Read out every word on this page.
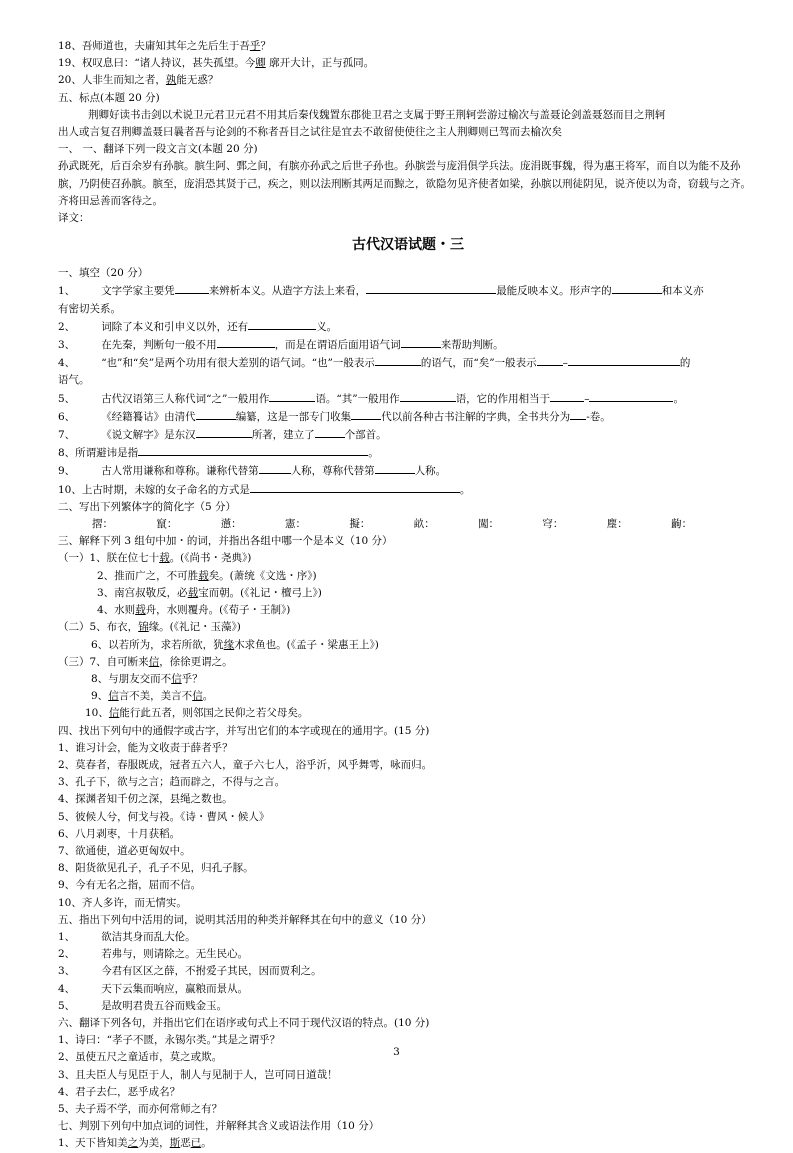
18、吾师道也，夫庸知其年之先后生于吾乎？
19、权叹息曰：“诸人持议，甚失孤望。今卿 廓开大计，正与孤同。
20、人非生而知之者，孰能无惑？
五、标点(本题 20 分)
荆卿好读书击剑以术说卫元君卫元君不用其后秦伐魏置东郡徙卫君之支属于野王荆轲尝游过榆次与盖聂论剑盖聂怒而目之荆轲
出人或言复召荆卿盖聂曰曩者吾与论剑的不称者吾目之试往是宜去不敢留使使往之主人荆卿则已驾而去榆次矣
一、 一、翻译下列一段文言文(本题 20 分)
孙武既死，后百余岁有孙膑。膑生阿、鄄之间，有膑亦孙武之后世子孙也。孙膑尝与庞涓俱学兵法。庞涓既事魏，得为惠王将军，而自以为能不及孙膑，乃阴使召孙膑。膑至，庞涓恐其贤于己，疾之，则以法刑断其两足而黥之，欲隐勿见齐使者如梁，孙膑以刑徒阴见，说齐使以为奇，窃载与之齐。齐将田忌善而客待之。
译文：
古代汉语试题・三
一、填空（20 分）
1、 文字学家主要凭	来辨析本义。从造字方法上来看，	最能反映本义。形声字的	和本义亦
有密切关系。
2、 词除了本义和引申义以外，还有	义。
3、 在先秦，判断句一般不用	，而是在谓语后面用语气词	来帮助判断。
4、 “也”和“矣”是两个功用有很大差别的语气词。“也”一般表示	的语气，而“矣”一般表示 –	的
语气。
5、 古代汉语第三人称代词“之”一般用作	语。“其”一般用作	语，它的作用相当于	–	。
6、 《经籍籑诂》由清代	编纂，这是一部专门收集	代以前各种古书注解的字典，全书共分为 -卷。
7、 《说文解字》是东汉	所著，建立了	个部首。
8、所谓避讳是指	。
9、 古人常用谦称和尊称。谦称代替第	人称，尊称代替第	人称。
10、上古时期，未嫁的女子命名的方式是	。
二、写出下列繁体字的简化字（5 分）
摺：	竄：	懣：	憲：	擬：	畝：	闖：	穹：	塵：	齣：
三、解释下列 3 组句中加・的词，并指出各组中哪一个是本义（10 分）
（一）1、朕在位七十载。(《尚书・尧典》)
2、推而广之，不可胜载矣。(萧统《文选・序》)
3、南宫叔敬反，必载宝而朝。(《礼记・檀弓上》)
4、水则载舟，水则覆舟。(《荀子・王制》)
（二）5、布衣，锦缘。(《礼记・玉藻》)
6、以若所为，求若所欲，犹缘木求鱼也。(《孟子・梁惠王上》)
（三）7、自可断来信，徐徐更谓之。
8、与朋友交而不信乎？
9、信言不美，美言不信。
10、信能行此五者，则邻国之民仰之若父母矣。
四、找出下列句中的通假字或古字，并写出它们的本字或现在的通用字。(15 分)
1、谁习计会，能为文收责于薛者乎？
2、莫春者，春服既成，冠者五六人，童子六七人，浴乎沂，风乎舞雩，咏而归。
3、孔子下，欲与之言；趋而辟之，不得与之言。
4、探渊者知千仞之深，县绳之数也。
5、彼候人兮，何戈与祋。《诗・曹风・候人》
6、八月剥枣，十月获稻。
7、欲通使，道必更匈奴中。
8、阳货欲见孔子，孔子不见，归孔子豚。
9、今有无名之指，屈而不信。
10、齐人多许，而无情实。
五、指出下列句中活用的词，说明其活用的种类并解释其在句中的意义（10 分）
1、 欲洁其身而乱大伦。
2、 若弗与，则请除之。无生民心。
3、 今君有区区之薛，不拊爱子其民，因而贾利之。
4、 天下云集而响应，赢粮而景从。
5、 是故明君贵五谷而贱金玉。
六、翻译下列各句，并指出它们在语序或句式上不同于现代汉语的特点。(10 分)
1、诗曰：“孝子不匮，永锡尔类。”其是之谓乎？
2、虽使五尺之童适市，莫之或欺。
3、且夫臣人与见臣于人，制人与见制于人，岂可同日道哉！
4、君子去仁，恶乎成名？
5、夫子焉不学，而亦何常师之有？
七、判别下列句中加点词的词性，并解释其含义或语法作用（10 分）
1、天下皆知美之为美，斯恶已。
3
